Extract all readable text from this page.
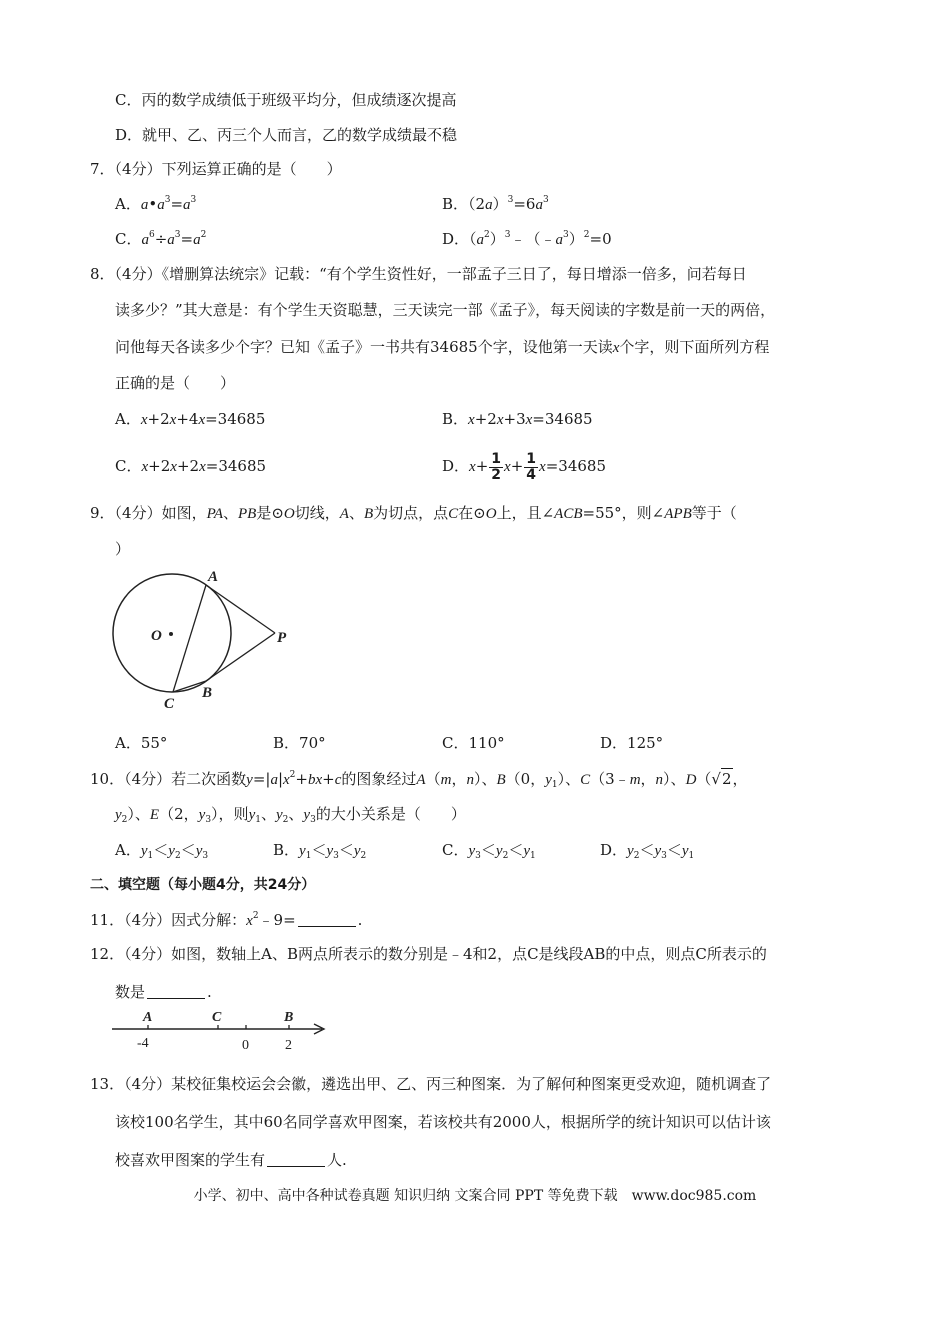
C．丙的数学成绩低于班级平均分，但成绩逐次提高
D．就甲、乙、丙三个人而言，乙的数学成绩最不稳
7．（4分）下列运算正确的是（　　）
A．$a•a^3=a^3$	B．$(2a)^3=6a^3$
C．$a^6\div a^3=a^2$	D．$(a^2)^3﹣(﹣a^3)^2=0$
8．（4分）《增删算法统宗》记载：“有个学生资性好，一部孟子三日了，每日增添一倍多，问若每日
读多少？”其大意是：有个学生天资聪慧，三天读完一部《孟子》，每天阅读的字数是前一天的两倍，
问他每天各读多少个字？已知《孟子》一书共有34685个字，设他第一天读x个字，则下面所列方程
正确的是（　　）
A．x+2x+4x=34685	B．x+2x+3x=34685
C．x+2x+2x=34685	D．$x+ \frac{1}{2} x+ \frac{1}{4} x=34685$
9．（4分）如图，PA、PB是⊙O切线，A、B为切点，点C在⊙O上，且∠ACB=55°，则∠APB等于（
）
A
O	P
B
C
A．55°	B．70°	C．110°	D．125°
10．（4分）若二次函数$y=|a|x^2+bx+c$的图象经过A（m，n）、B（0，$y_1$）、C（3﹣m，n）、D（√2，
$y_2$）、E（2，$y_3$），则$y_1$、$y_2$、$y_3$的大小关系是（　　）
A．$y_1<y_2<y_3$	B．$y_1<y_3<y_2$	C．$y_3<y_2<y_1$	D．$y_2<y_3<y_1$
二、填空题（每小题4分，共24分）
11．（4分）因式分解：$x^2﹣9=$	.
12．（4分）如图，数轴上A、B两点所表示的数分别是﹣4和2，点C是线段AB的中点，则点C所表示的
数是	.
A	C	B
-4	0	2
13．（4分）某校征集校运会会徽，遴选出甲、乙、丙三种图案．为了解何种图案更受欢迎，随机调查了
该校100名学生，其中60名同学喜欢甲图案，若该校共有2000人，根据所学的统计知识可以估计该
校喜欢甲图案的学生有	人.
小学、初中、高中各种试卷真题 知识归纳 文案合同 PPT 等免费下载　www.doc985.com
